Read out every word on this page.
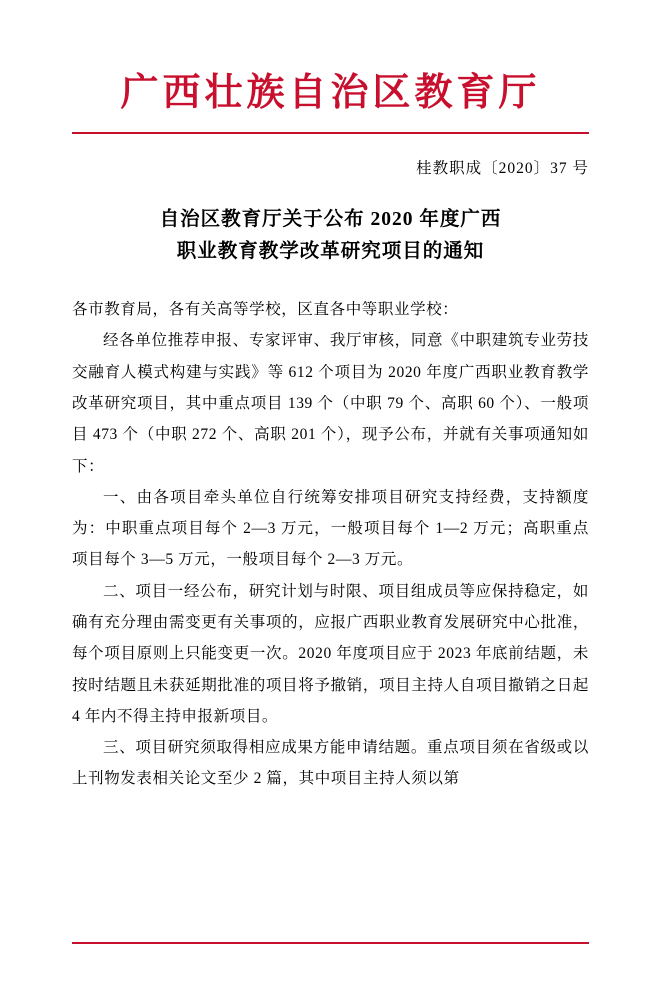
广西壮族自治区教育厅
桂教职成〔2020〕37 号
自治区教育厅关于公布 2020 年度广西
职业教育教学改革研究项目的通知

各市教育局，各有关高等学校，区直各中等职业学校：

经各单位推荐申报、专家评审、我厅审核，同意《中职建筑专业劳技交融育人模式构建与实践》等 612 个项目为 2020 年度广西职业教育教学改革研究项目，其中重点项目 139 个（中职 79 个、高职 60 个）、一般项目 473 个（中职 272 个、高职 201 个），现予公布，并就有关事项通知如下：

一、由各项目牵头单位自行统筹安排项目研究支持经费，支持额度为：中职重点项目每个 2—3 万元，一般项目每个 1—2 万元；高职重点项目每个 3—5 万元，一般项目每个 2—3 万元。

二、项目一经公布，研究计划与时限、项目组成员等应保持稳定，如确有充分理由需变更有关事项的，应报广西职业教育发展研究中心批准，每个项目原则上只能变更一次。2020 年度项目应于 2023 年底前结题，未按时结题且未获延期批准的项目将予撤销，项目主持人自项目撤销之日起 4 年内不得主持申报新项目。

三、项目研究须取得相应成果方能申请结题。重点项目须在省级或以上刊物发表相关论文至少 2 篇，其中项目主持人须以第
